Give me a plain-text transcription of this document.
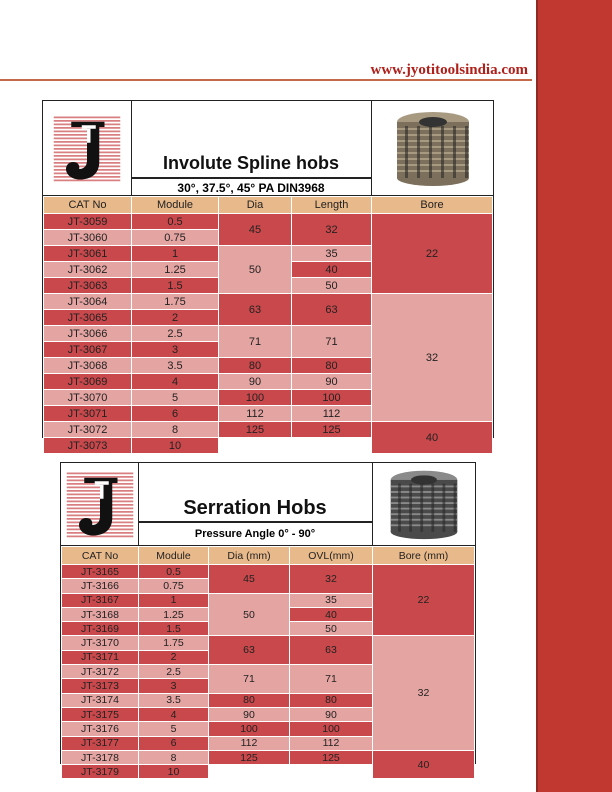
www.jyotitoolsindia.com
Involute Spline hobs
30°, 37.5°, 45° PA DIN3968
CAT No	Module	Dia	Length	Bore
JT-3059	0.5	45	32	22
JT-3060	0.75			
JT-3061	1	50	35	
JT-3062	1.25		40	
JT-3063	1.5		50	
JT-3064	1.75	63	63	32
JT-3065	2			
JT-3066	2.5	71	71	
JT-3067	3			
JT-3068	3.5	80	80	
JT-3069	4	90	90	
JT-3070	5	100	100	
JT-3071	6	112	112	
JT-3072	8	125	125	40
JT-3073	10			
Serration Hobs
Pressure Angle 0° - 90°
CAT No	Module	Dia (mm)	OVL(mm)	Bore (mm)
JT-3165	0.5	45	32	22
JT-3166	0.75			
JT-3167	1	50	35	
JT-3168	1.25		40	
JT-3169	1.5		50	
JT-3170	1.75	63	63	32
JT-3171	2			
JT-3172	2.5	71	71	
JT-3173	3			
JT-3174	3.5	80	80	
JT-3175	4	90	90	
JT-3176	5	100	100	
JT-3177	6	112	112	
JT-3178	8	125	125	40
JT-3179	10			
